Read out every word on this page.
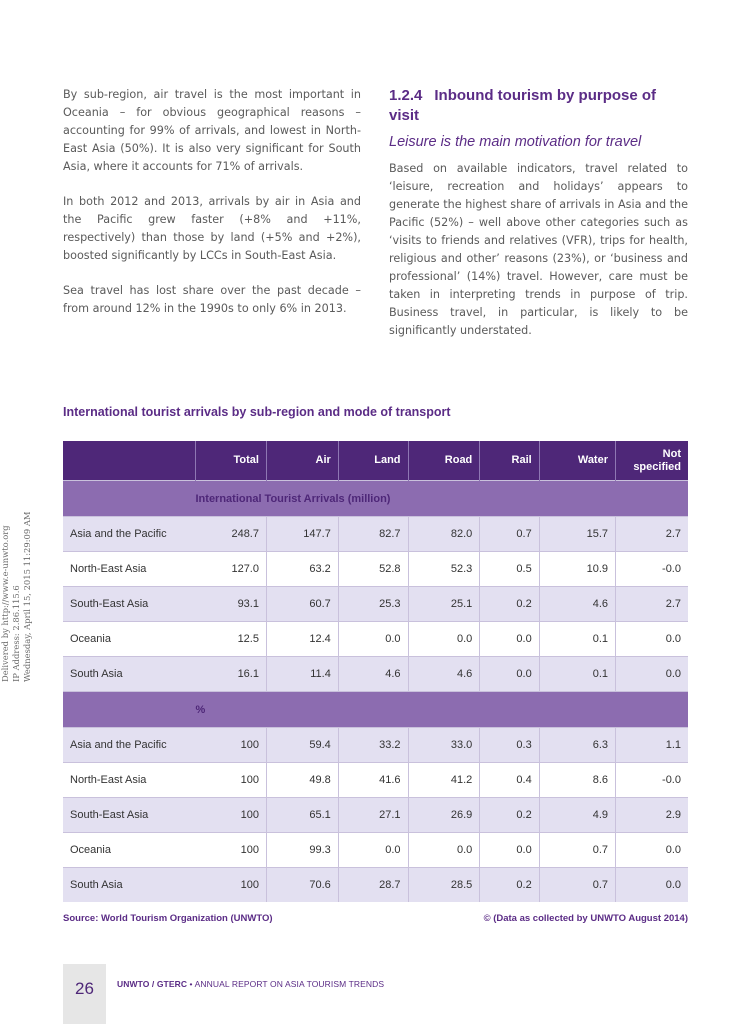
By sub-region, air travel is the most important in Oceania – for obvious geographical reasons – accounting for 99% of arrivals, and lowest in North-East Asia (50%). It is also very significant for South Asia, where it accounts for 71% of arrivals.

In both 2012 and 2013, arrivals by air in Asia and the Pacific grew faster (+8% and +11%, respectively) than those by land (+5% and +2%), boosted significantly by LCCs in South-East Asia.

Sea travel has lost share over the past decade – from around 12% in the 1990s to only 6% in 2013.

1.2.4 Inbound tourism by purpose of visit
Leisure is the main motivation for travel

Based on available indicators, travel related to ‘leisure, recreation and holidays’ appears to generate the highest share of arrivals in Asia and the Pacific (52%) – well above other categories such as ‘visits to friends and relatives (VFR), trips for health, religious and other’ reasons (23%), or ‘business and professional’ (14%) travel. However, care must be taken in interpreting trends in purpose of trip. Business travel, in particular, is likely to be significantly understated.

Delivered by http://www.e-unwto.org IP Address: 2.86.115.6 Wednesday, April 15, 2015 11:29:09 AM
International tourist arrivals by sub-region and mode of transport
	Total	Air	Land	Road	Rail	Water	Not specified
	International Tourist Arrivals (million)						
Asia and the Pacific	248.7	147.7	82.7	82.0	0.7	15.7	2.7
North-East Asia	127.0	63.2	52.8	52.3	0.5	10.9	-0.0
South-East Asia	93.1	60.7	25.3	25.1	0.2	4.6	2.7
Oceania	12.5	12.4	0.0	0.0	0.0	0.1	0.0
South Asia	16.1	11.4	4.6	4.6	0.0	0.1	0.0
	%						
Asia and the Pacific	100	59.4	33.2	33.0	0.3	6.3	1.1
North-East Asia	100	49.8	41.6	41.2	0.4	8.6	-0.0
South-East Asia	100	65.1	27.1	26.9	0.2	4.9	2.9
Oceania	100	99.3	0.0	0.0	0.0	0.7	0.0
South Asia	100	70.6	28.7	28.5	0.2	0.7	0.0
Source: World Tourism Organization (UNWTO)	© (Data as collected by UNWTO August 2014)
26	UNWTO / GTERC • ANNUAL REPORT ON ASIA TOURISM TRENDS
